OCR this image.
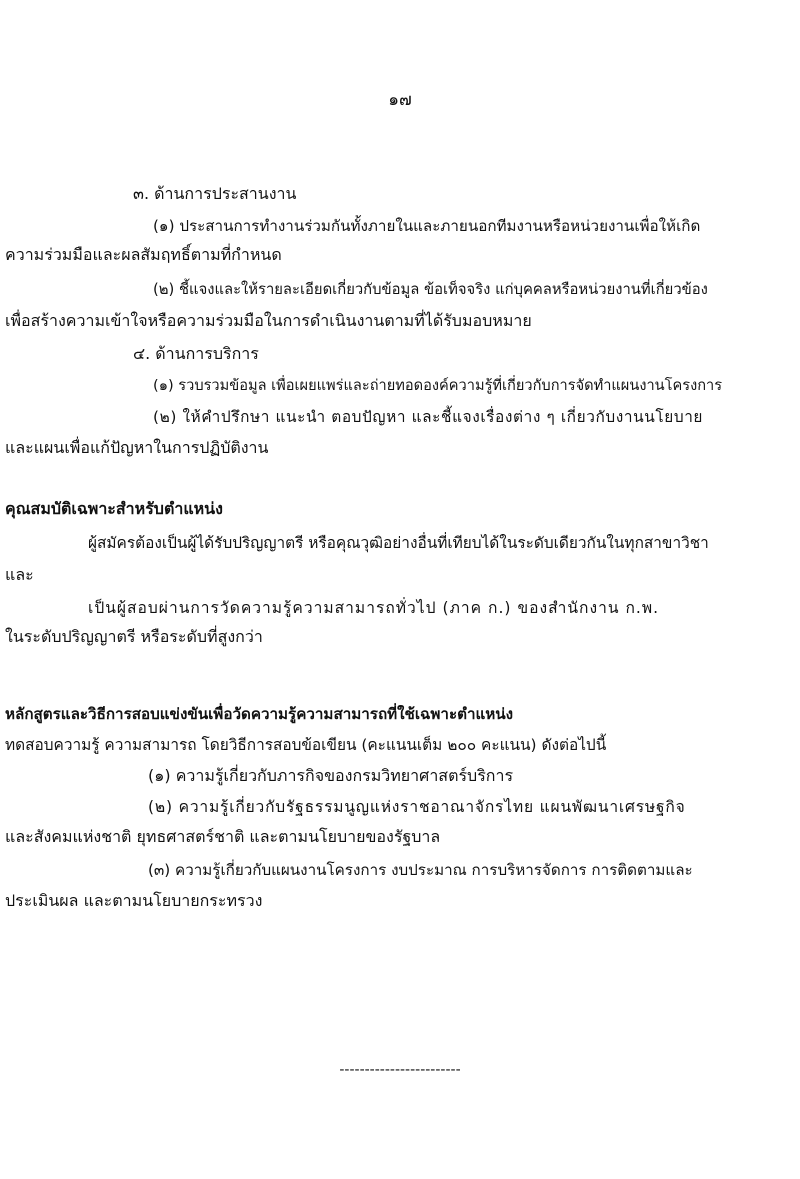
๑๗
๓. ด้านการประสานงาน
(๑) ประสานการทำงานร่วมกันทั้งภายในและภายนอกทีมงานหรือหน่วยงานเพื่อให้เกิด
ความร่วมมือและผลสัมฤทธิ์ตามที่กำหนด
(๒) ชี้แจงและให้รายละเอียดเกี่ยวกับข้อมูล ข้อเท็จจริง แก่บุคคลหรือหน่วยงานที่เกี่ยวข้อง
เพื่อสร้างความเข้าใจหรือความร่วมมือในการดำเนินงานตามที่ได้รับมอบหมาย
๔. ด้านการบริการ
(๑) รวบรวมข้อมูล เพื่อเผยแพร่และถ่ายทอดองค์ความรู้ที่เกี่ยวกับการจัดทำแผนงานโครงการ
(๒) ให้คำปรึกษา แนะนำ ตอบปัญหา และชี้แจงเรื่องต่าง ๆ เกี่ยวกับงานนโยบาย
และแผนเพื่อแก้ปัญหาในการปฏิบัติงาน
คุณสมบัติเฉพาะสำหรับตำแหน่ง
ผู้สมัครต้องเป็นผู้ได้รับปริญญาตรี หรือคุณวุฒิอย่างอื่นที่เทียบได้ในระดับเดียวกันในทุกสาขาวิชา
และ
เป็นผู้สอบผ่านการวัดความรู้ความสามารถทั่วไป (ภาค ก.) ของสำนักงาน ก.พ.
ในระดับปริญญาตรี หรือระดับที่สูงกว่า
หลักสูตรและวิธีการสอบแข่งขันเพื่อวัดความรู้ความสามารถที่ใช้เฉพาะตำแหน่ง
ทดสอบความรู้ ความสามารถ โดยวิธีการสอบข้อเขียน (คะแนนเต็ม ๒๐๐ คะแนน) ดังต่อไปนี้
(๑) ความรู้เกี่ยวกับภารกิจของกรมวิทยาศาสตร์บริการ
(๒) ความรู้เกี่ยวกับรัฐธรรมนูญแห่งราชอาณาจักรไทย แผนพัฒนาเศรษฐกิจ
และสังคมแห่งชาติ ยุทธศาสตร์ชาติ และตามนโยบายของรัฐบาล
(๓) ความรู้เกี่ยวกับแผนงานโครงการ งบประมาณ การบริหารจัดการ การติดตามและ
ประเมินผล และตามนโยบายกระทรวง
------------------------
